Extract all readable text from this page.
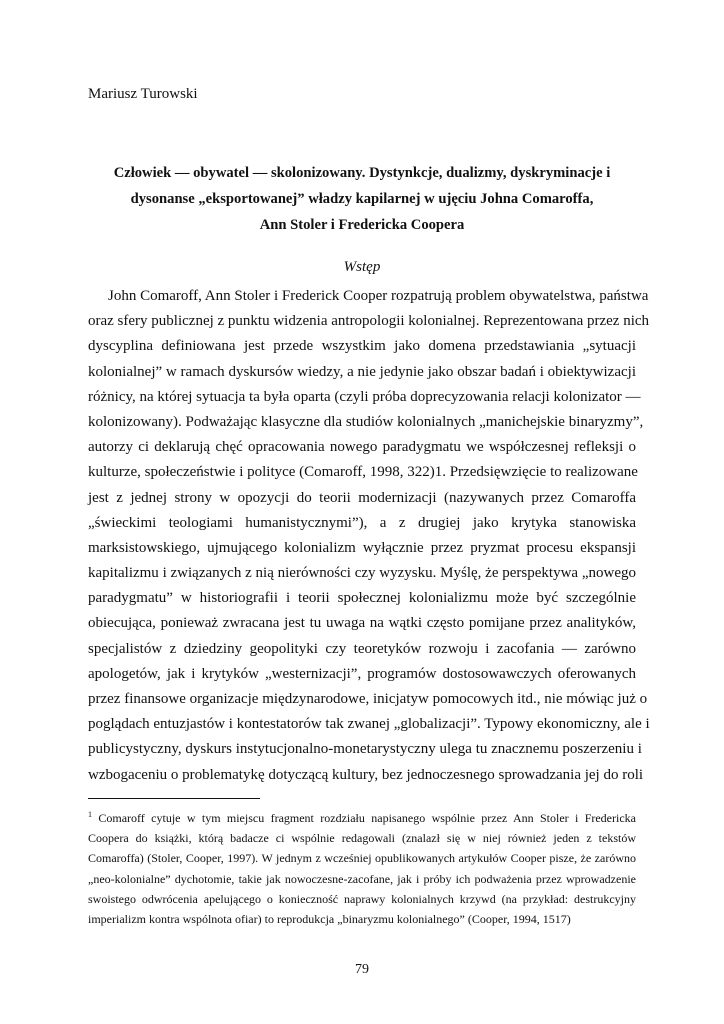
Mariusz Turowski
Człowiek — obywatel — skolonizowany. Dystynkcje, dualizmy, dyskryminacje i
dysonanse „eksportowanej” władzy kapilarnej w ujęciu Johna Comaroffa,
Ann Stoler i Fredericka Coopera
Wstęp
John Comaroff, Ann Stoler i Frederick Cooper rozpatrują problem obywatelstwa, państwa
oraz sfery publicznej z punktu widzenia antropologii kolonialnej. Reprezentowana przez nich
dyscyplina definiowana jest przede wszystkim jako domena przedstawiania „sytuacji
kolonialnej” w ramach dyskursów wiedzy, a nie jedynie jako obszar badań i obiektywizacji
różnicy, na której sytuacja ta była oparta (czyli próba doprecyzowania relacji kolonizator —
kolonizowany). Podważając klasyczne dla studiów kolonialnych „manichejskie binaryzmy”,
autorzy ci deklarują chęć opracowania nowego paradygmatu we współczesnej refleksji o
kulturze, społeczeństwie i polityce (Comaroff, 1998, 322)1. Przedsięwzięcie to realizowane
jest z jednej strony w opozycji do teorii modernizacji (nazywanych przez Comaroffa
„świeckimi teologiami humanistycznymi”), a z drugiej jako krytyka stanowiska
marksistowskiego, ujmującego kolonializm wyłącznie przez pryzmat procesu ekspansji
kapitalizmu i związanych z nią nierówności czy wyzysku. Myślę, że perspektywa „nowego
paradygmatu” w historiografii i teorii społecznej kolonializmu może być szczególnie
obiecująca, ponieważ zwracana jest tu uwaga na wątki często pomijane przez analityków,
specjalistów z dziedziny geopolityki czy teoretyków rozwoju i zacofania — zarówno
apologetów, jak i krytyków „westernizacji”, programów dostosowawczych oferowanych
przez finansowe organizacje międzynarodowe, inicjatyw pomocowych itd., nie mówiąc już o
poglądach entuzjastów i kontestatorów tak zwanej „globalizacji”. Typowy ekonomiczny, ale i
publicystyczny, dyskurs instytucjonalno-monetarystyczny ulega tu znacznemu poszerzeniu i
wzbogaceniu o problematykę dotyczącą kultury, bez jednoczesnego sprowadzania jej do roli
$^1$ Comaroff cytuje w tym miejscu fragment rozdziału napisanego wspólnie przez Ann Stoler i Fredericka
Coopera do książki, którą badacze ci wspólnie redagowali (znalazł się w niej również jeden z tekstów
Comaroffa) (Stoler, Cooper, 1997). W jednym z wcześniej opublikowanych artykułów Cooper pisze, że zarówno
„neo-kolonialne” dychotomie, takie jak nowoczesne-zacofane, jak i próby ich podważenia przez wprowadzenie
swoistego odwrócenia apelującego o konieczność naprawy kolonialnych krzywd (na przykład: destrukcyjny
imperializm kontra wspólnota ofiar) to reprodukcja „binaryzmu kolonialnego” (Cooper, 1994, 1517)
79
